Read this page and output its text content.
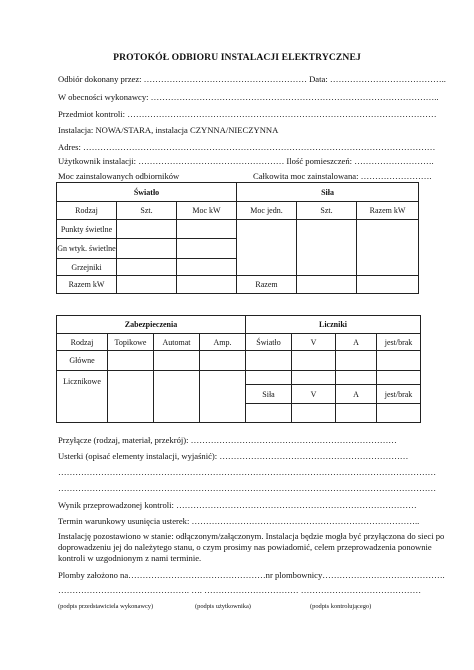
PROTOKÓŁ ODBIORU INSTALACJI ELEKTRYCZNEJ
Odbiór dokonany przez: ………………………………………………… Data: …………………………………..
W obecności wykonawcy: ………………………………………………………………………………………..
Przedmiot kontroli: ………………………………………………………………………………………………
Instalacja: NOWA/STARA, instalacja CZYNNA/NIECZYNNA
Adres: ……………………………………………………………………………………………………………
Użytkownik instalacji: …………………………………………… Ilość pomieszczeń: ……………………….
Moc zainstalowanych odbiorników	Całkowita moc zainstalowana: …………………….
Światło			Siła		
Rodzaj	Szt.	Moc kW	Moc jedn.	Szt.	Razem kW
Punkty świetlne					
Gn wtyk. świetlne					
Grzejniki					
Razem kW			Razem		
Zabezpieczenia				Liczniki			
Rodzaj	Topikowe	Automat	Amp.	Światło	V	A	jest/brak
Główne							
Licznikowe							
				Siła	V	A	jest/brak

Przyłącze (rodzaj, materiał, przekrój): ………………………………………………………………
Usterki (opisać elementy instalacji, wyjaśnić): …………………………………………………………
……………………………………………………………………………………………………………………
……………………………………………………………………………………………………………………
Wynik przeprowadzonej kontroli: …………………………………………………………………………
Termin warunkowy usunięcia usterek: ……………………………………………………………………..
Instalację pozostawiono w stanie: odłączonym/załączonym. Instalacja będzie mogła być przyłączona do sieci po
doprowadzeniu jej do należytego stanu, o czym prosimy nas powiadomić, celem przeprowadzenia ponownie
kontroli w uzgodnionym z nami terminie.
Plomby założono na…………………………………………nr plombownicy…………………………………….
………………………………………. …. …………………………… ……………………………………
(podpis przedstawiciela wykonawcy)	(podpis użytkownika)	(podpis kontrolującego)
